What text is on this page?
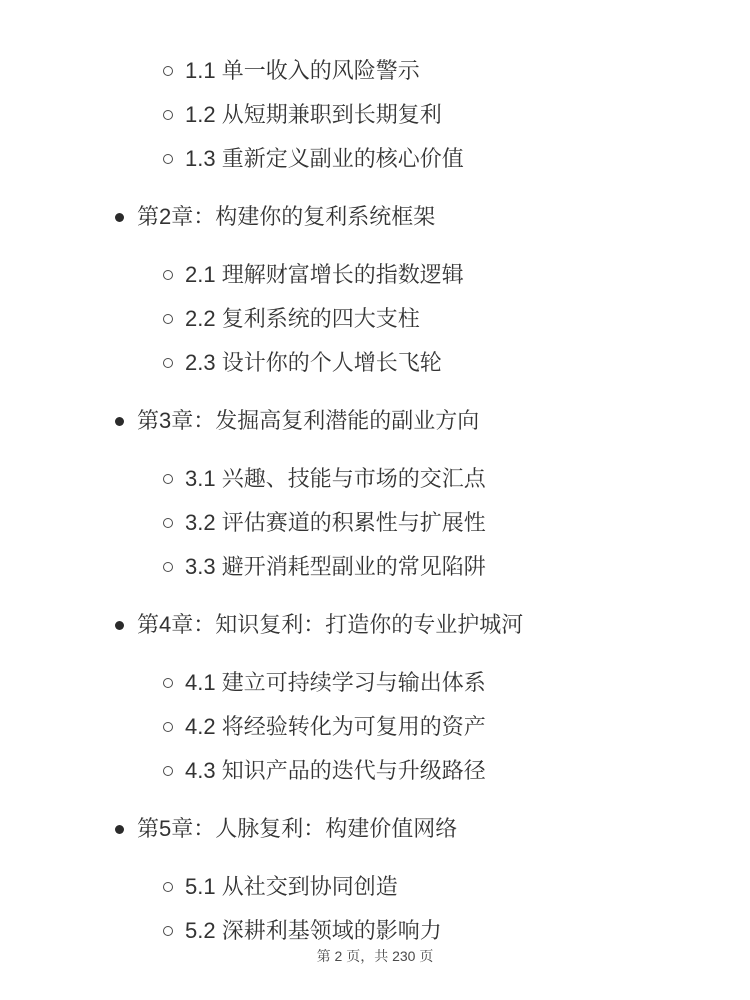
1.1 单一收入的风险警示
1.2 从短期兼职到长期复利
1.3 重新定义副业的核心价值
第2章：构建你的复利系统框架
2.1 理解财富增长的指数逻辑
2.2 复利系统的四大支柱
2.3 设计你的个人增长飞轮
第3章：发掘高复利潜能的副业方向
3.1 兴趣、技能与市场的交汇点
3.2 评估赛道的积累性与扩展性
3.3 避开消耗型副业的常见陷阱
第4章：知识复利：打造你的专业护城河
4.1 建立可持续学习与输出体系
4.2 将经验转化为可复用的资产
4.3 知识产品的迭代与升级路径
第5章：人脉复利：构建价值网络
5.1 从社交到协同创造
5.2 深耕利基领域的影响力
第 2 页，共 230 页
